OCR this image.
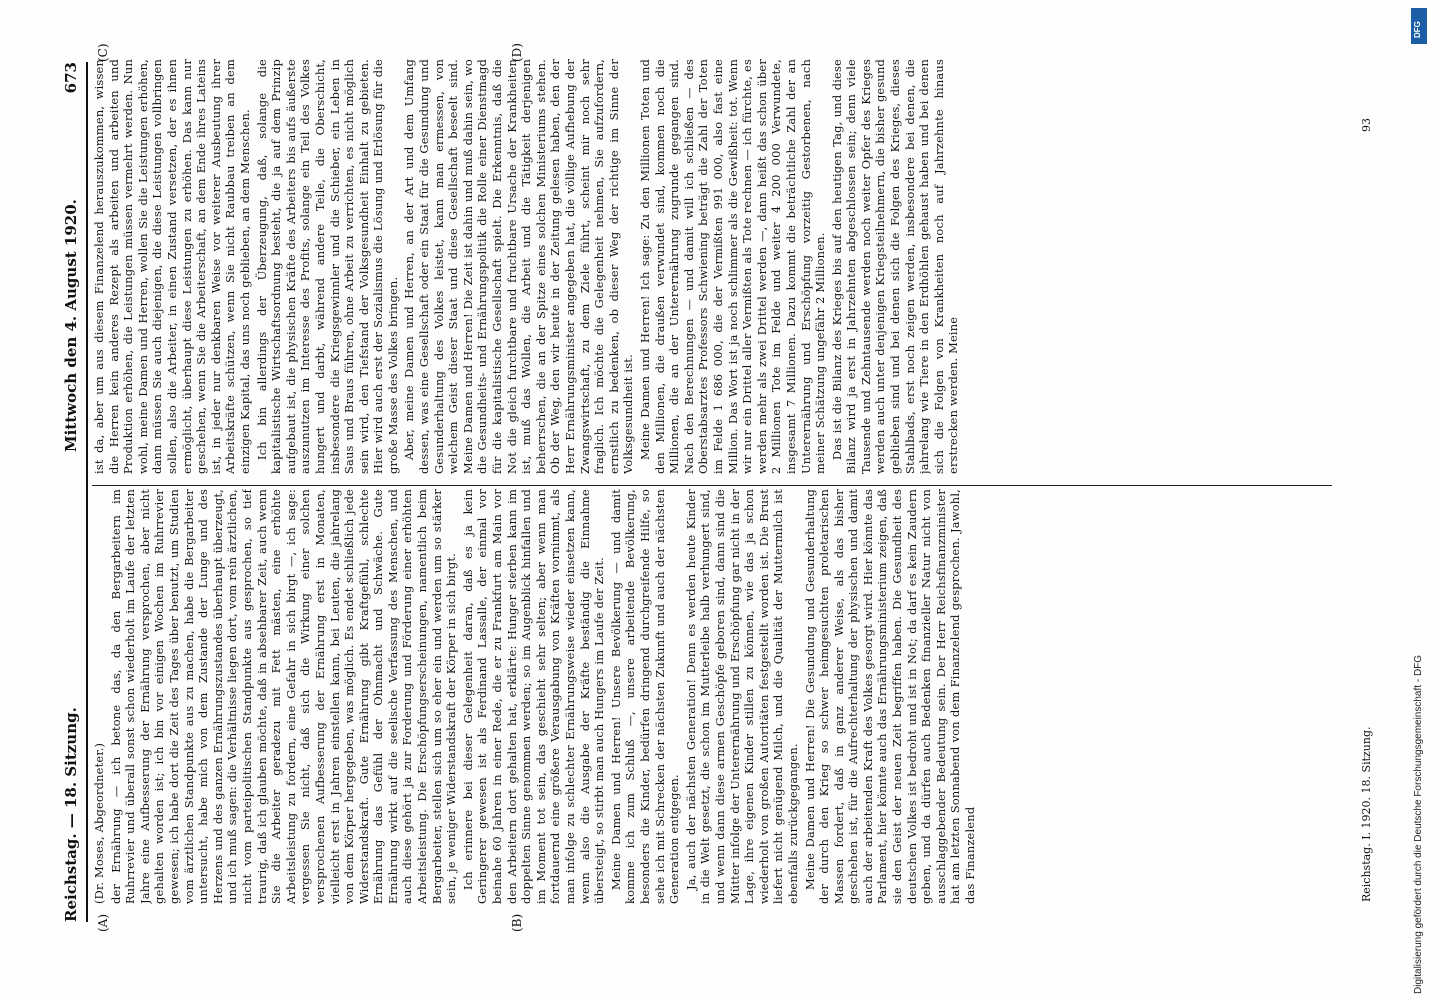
Reichstag. — 18. Sitzung.
Mittwoch den 4. August 1920.
673
(A)	(B)
(C)	(D)

(Dr. Moses, Abgeordneter.) der Ernährung — ich betone das, da den Bergarbeitern im Ruhrrevier und überall sonst schon wiederholt im Laufe der letzten Jahre eine Aufbesserung der Ernährung versprochen, aber nicht gehalten worden ist; ich bin vor einigen Wochen im Ruhrrevier gewesen; ich habe dort die Zeit des Tages über benutzt, um Studien vom ärztlichen Standpunkte aus zu machen, habe die Bergarbeiter untersucht, habe mich von dem Zustande der Lunge und des Herzens und des ganzen Ernährungszustandes überhaupt überzeugt, und ich muß sagen: die Verhältnisse liegen dort, vom rein ärztlichen, nicht vom parteipolitischen Standpunkte aus gesprochen, so tief traurig, daß ich glauben möchte, daß in absehbarer Zeit, auch wenn Sie die Arbeiter geradezu mit Fett mästen, eine erhöhte Arbeitsleistung zu fordern, eine Gefahr in sich birgt —, ich sage: vergessen Sie nicht, daß sich die Wirkung einer solchen versprochenen Aufbesserung der Ernährung erst in Monaten, vielleicht erst in Jahren einstellen kann, bei Leuten, die jahrelang von dem Körper hergegeben, was möglich. Es endet schließlich jede Widerstandskraft. Gute Ernährung gibt Kraftgefühl, schlechte Ernährung das Gefühl der Ohnmacht und Schwäche. Gute Ernährung wirkt auf die seelische Verfassung des Menschen, und auch diese gehört ja zur Forderung und Förderung einer erhöhten Arbeitsleistung. Die Erschöpfungserscheinungen, namentlich beim Bergarbeiter, stellen sich um so eher ein und werden um so stärker sein, je weniger Widerstandskraft der Körper in sich birgt. Ich erinnere bei dieser Gelegenheit daran, daß es ja kein Geringerer gewesen ist als Ferdinand Lassalle, der einmal vor beinahe 60 Jahren in einer Rede, die er zu Frankfurt am Main vor den Arbeitern dort gehalten hat, erklärte: Hunger sterben kann im doppelten Sinne genommen werden; so im Augenblick hinfallen und im Moment tot sein, das geschieht sehr selten; aber wenn man fortdauernd eine größere Verausgabung von Kräften vornimmt, als man infolge zu schlechter Ernährungsweise wieder einsetzen kann, wenn also die Ausgabe der Kräfte beständig die Einnahme übersteigt, so stirbt man auch Hungers im Laufe der Zeit. Meine Damen und Herren! Unsere Bevölkerung — und damit komme ich zum Schluß —, unsere arbeitende Bevölkerung, besonders die Kinder, bedürfen dringend durchgreifende Hilfe, so sehe ich mit Schrecken der nächsten Zukunft und auch der nächsten Generation entgegen. Ja, auch der nächsten Generation! Denn es werden heute Kinder in die Welt gesetzt, die schon im Mutterleibe halb verhungert sind, und wenn dann diese armen Geschöpfe geboren sind, dann sind die Mütter infolge der Unterernährung und Erschöpfung gar nicht in der Lage, ihre eigenen Kinder stillen zu können, wie das ja schon wiederholt von großen Autoritäten festgestellt worden ist. Die Brust liefert nicht genügend Milch, und die Qualität der Muttermilch ist ebenfalls zurückgegangen. Meine Damen und Herren! Die Gesundung und Gesunderhaltung der durch den Krieg so schwer heimgesuchten proletarischen Massen fordert, daß in ganz anderer Weise, als das bisher geschehen ist, für die Aufrechterhaltung der physischen und damit auch der arbeitenden Kraft des Volkes gesorgt wird. Hier könnte das Parlament, hier könnte auch das Ernährungsministerium zeigen, daß sie den Geist der neuen Zeit begriffen haben. Die Gesundheit des deutschen Volkes ist bedroht und ist in Not; da darf es kein Zaudern geben, und da dürfen auch Bedenken finanzieller Natur nicht von ausschlaggebender Bedeutung sein. Der Herr Reichsfinanzminister hat am letzten Sonnabend von dem Finanzelend gesprochen. Jawohl, das Finanzelend

ist da, aber um aus diesem Finanzelend herauszukommen, wissen die Herren kein anderes Rezept als arbeiten und arbeiten und Produktion erhöhen, die Leistungen müssen vermehrt werden. Nun wohl, meine Damen und Herren, wollen Sie die Leistungen erhöhen, dann müssen Sie auch diejenigen, die diese Leistungen vollbringen sollen, also die Arbeiter, in einen Zustand versetzen, der es ihnen ermöglicht, überhaupt diese Leistungen zu erhöhen. Das kann nur geschehen, wenn Sie die Arbeiterschaft, an dem Ende ihres Lateins ist, in jeder nur denkbaren Weise vor weiterer Ausbeutung ihrer Arbeitskräfte schützen, wenn Sie nicht Raubbau treiben an dem einzigen Kapital, das uns noch geblieben, an dem Menschen. Ich bin allerdings der Überzeugung, daß, solange die kapitalistische Wirtschaftsordnung besteht, die ja auf dem Prinzip aufgebaut ist, die physischen Kräfte des Arbeiters bis aufs äußerste auszunutzen im Interesse des Profits, solange ein Teil des Volkes hungert und darbt, während andere Teile, die Oberschicht, insbesondere die Kriegsgewinnler und die Schieber, ein Leben in Saus und Braus führen, ohne Arbeit zu verrichten, es nicht möglich sein wird, den Tiefstand der Volksgesundheit Einhalt zu gebieten. Hier wird auch erst der Sozialismus die Lösung und Erlösung für die große Masse des Volkes bringen. Aber, meine Damen und Herren, an der Art und dem Umfang dessen, was eine Gesellschaft oder ein Staat für die Gesundung und Gesunderhaltung des Volkes leistet, kann man ermessen, von welchem Geist dieser Staat und diese Gesellschaft beseelt sind. Meine Damen und Herren! Die Zeit ist dahin und muß dahin sein, wo die Gesundheits- und Ernährungspolitik die Rolle einer Dienstmagd für die kapitalistische Gesellschaft spielt. Die Erkenntnis, daß die Not die gleich furchtbare und fruchtbare Ursache der Krankheiten ist, muß das Wollen, die Arbeit und die Tätigkeit derjenigen beherrschen, die an der Spitze eines solchen Ministeriums stehen. Ob der Weg, den wir heute in der Zeitung gelesen haben, den der Herr Ernährungsminister angegeben hat, die völlige Aufhebung der Zwangswirtschaft, zu dem Ziele führt, scheint mir noch sehr fraglich. Ich möchte die Gelegenheit nehmen, Sie aufzufordern, ernstlich zu bedenken, ob dieser Weg der richtige im Sinne der Volksgesundheit ist. Meine Damen und Herren! Ich sage: Zu den Millionen Toten und den Millionen, die draußen verwundet sind, kommen noch die Millionen, die an der Unterernährung zugrunde gegangen sind. Nach den Berechnungen — und damit will ich schließen — des Oberstabsarztes Professors Schwiening beträgt die Zahl der Toten im Felde 1 686 000, die der Vermißten 991 000, also fast eine Million. Das Wort ist ja noch schlimmer als die Gewißheit: tot. Wenn wir nur ein Drittel aller Vermißten als Tote rechnen — ich fürchte, es werden mehr als zwei Drittel werden —, dann heißt das schon über 2 Millionen Tote im Felde und weiter 4 200 000 Verwundete, insgesamt 7 Millionen. Dazu kommt die beträchtliche Zahl der an Unterernährung und Erschöpfung vorzeitig Gestorbenen, nach meiner Schätzung ungefähr 2 Millionen. Das ist die Bilanz des Krieges bis auf den heutigen Tag, und diese Bilanz wird ja erst in Jahrzehnten abgeschlossen sein; denn viele Tausende und Zehntausende werden noch weiter Opfer des Krieges werden auch unter denjenigen Kriegsteilnehmern, die bisher gesund geblieben sind und bei denen sich die Folgen des Krieges, dieses Stahlbads, erst noch zeigen werden, insbesondere bei denen, die jahrelang wie Tiere in den Erdhöhlen gehaust haben und bei denen sich die Folgen von Krankheiten noch auf Jahrzehnte hinaus erstrecken werden. Meine

Reichstag. I. 1920. 18. Sitzung.
93
DFG
Digitalisierung gefördert durch die Deutsche Forschungsgemeinschaft - DFG
